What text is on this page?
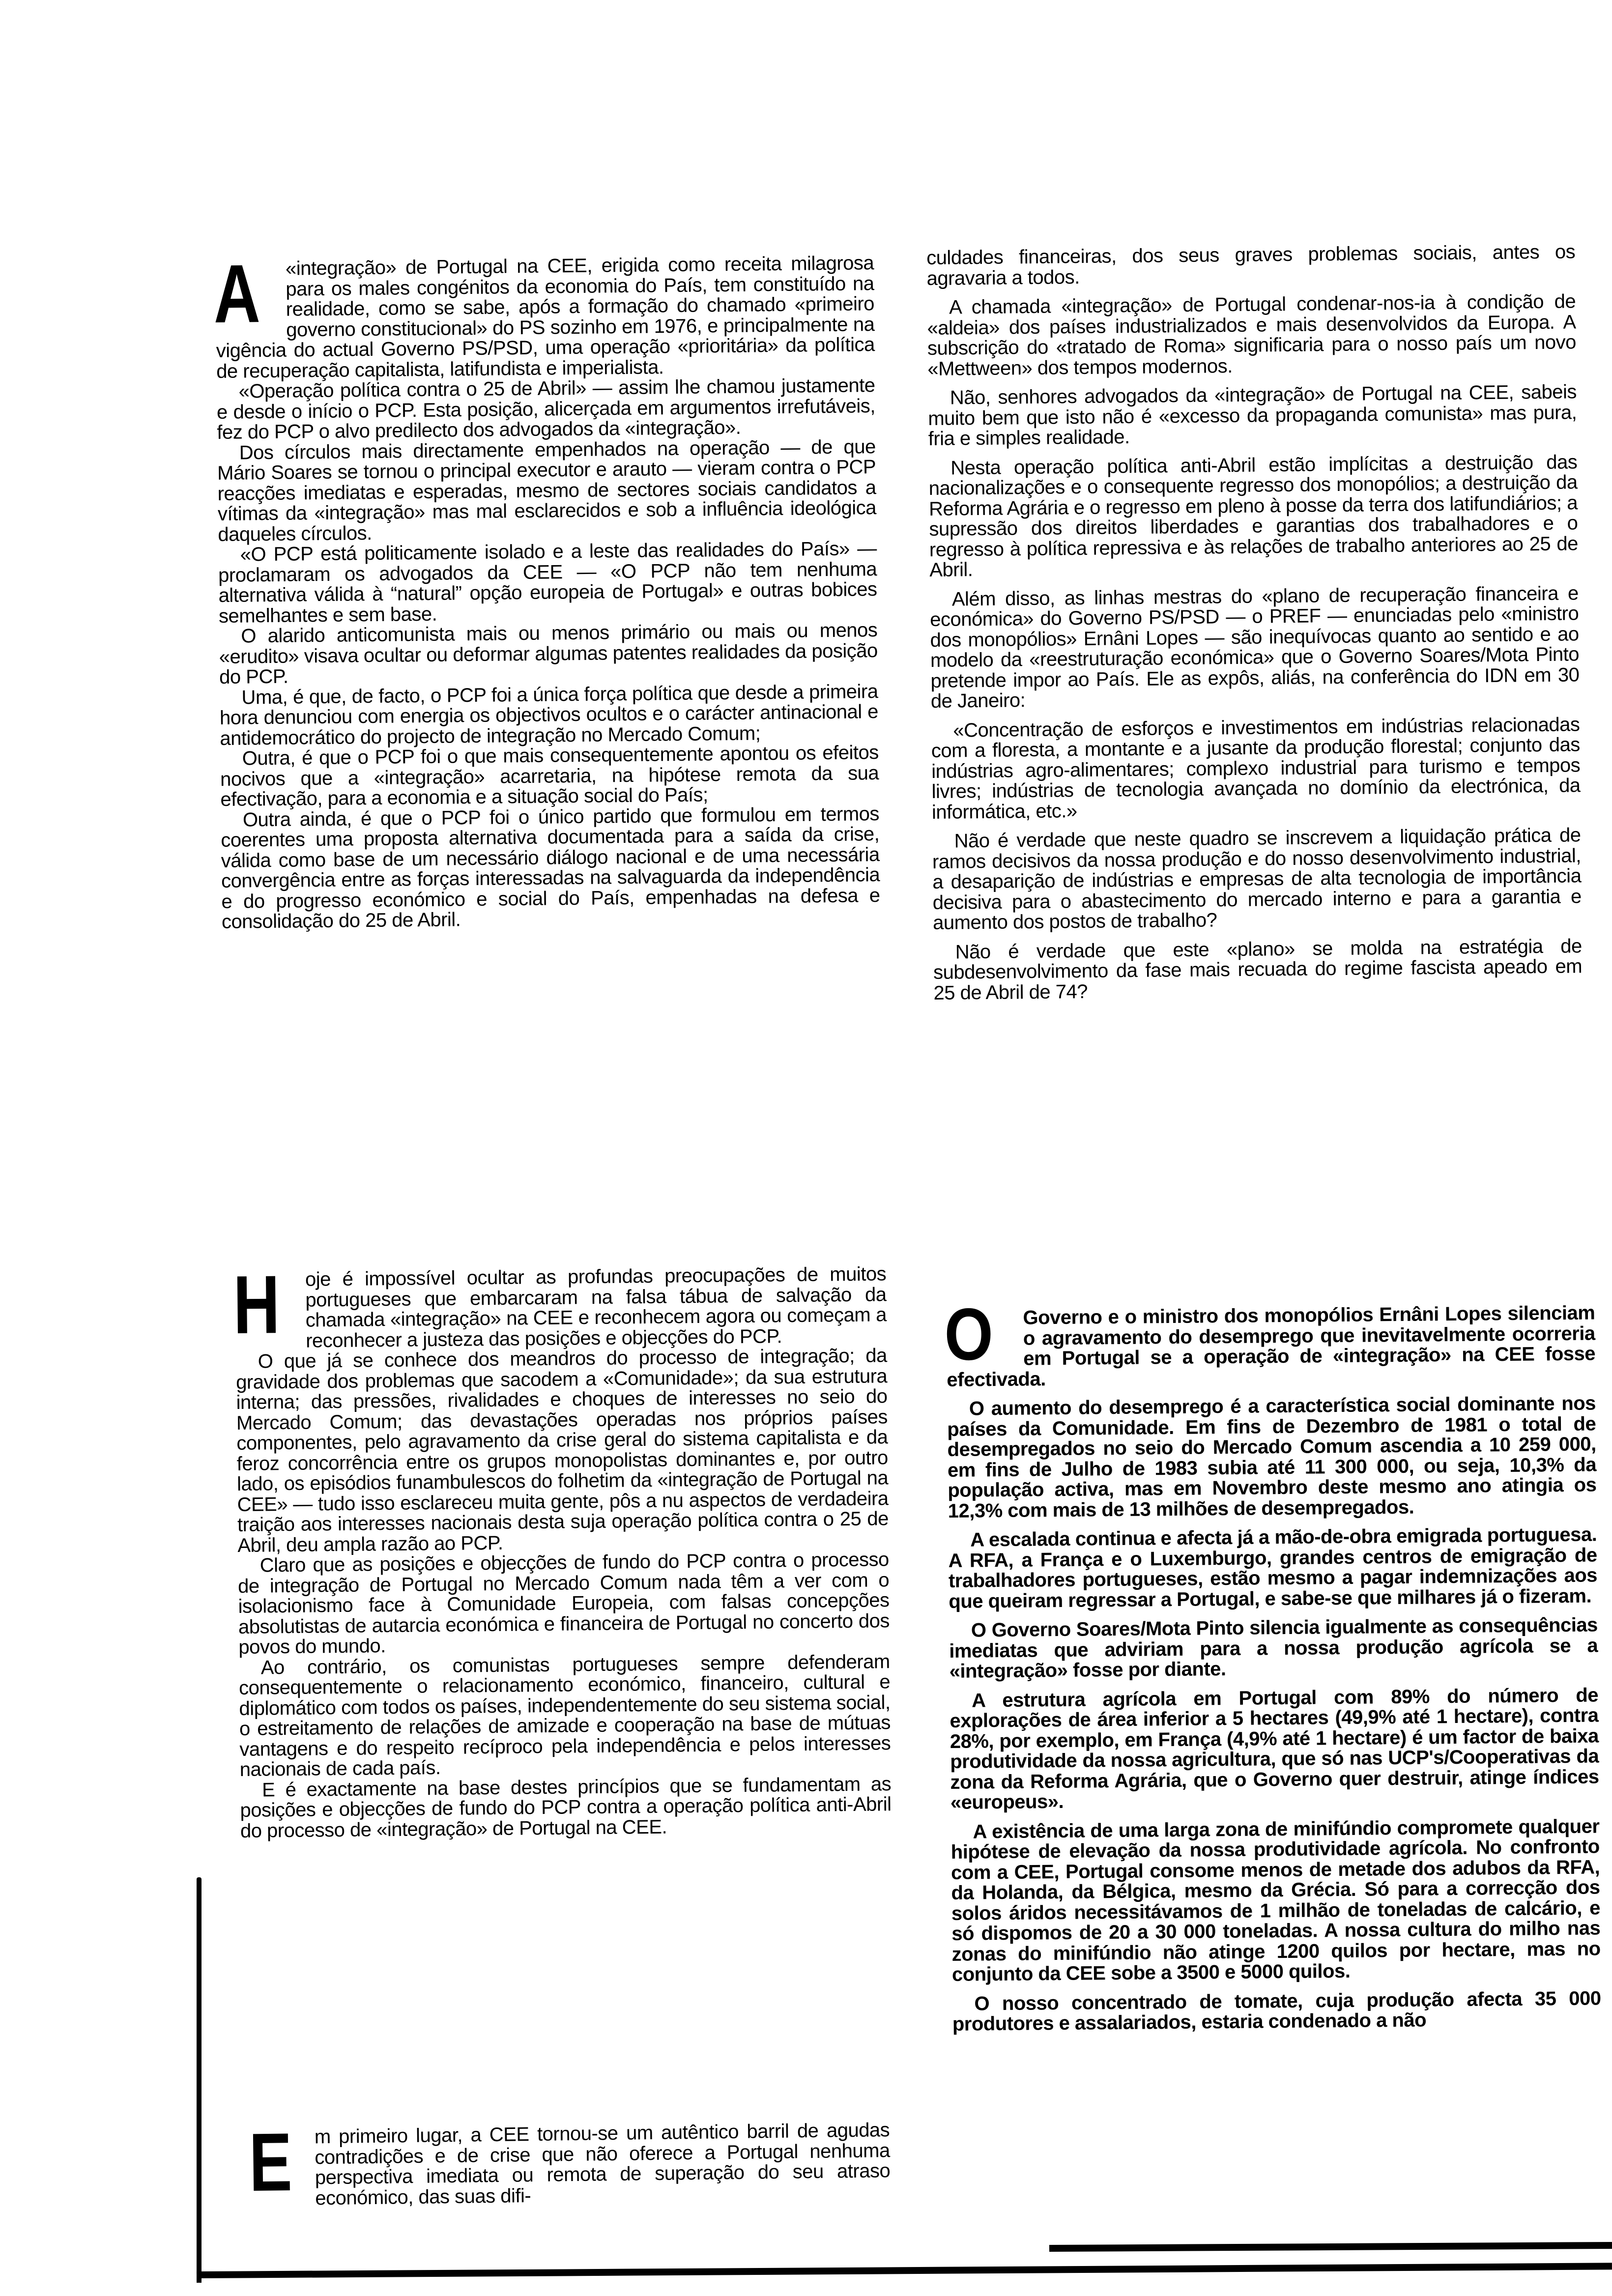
A	«integração» de Portugal na CEE, erigida como receita milagrosa para os males congénitos da economia do País, tem constituído na realidade, como se sabe, após a formação do chamado «primeiro governo constitucional» do PS sozinho em 1976, e principalmente na vigência do actual Governo PS/PSD, uma operação «prioritária» da política de recuperação capitalista, latifundista e imperialista.

«Operação política contra o 25 de Abril» — assim lhe chamou justamente e desde o início o PCP. Esta posição, alicerçada em argumentos irrefutáveis, fez do PCP o alvo predilecto dos advogados da «integração».

Dos círculos mais directamente empenhados na operação — de que Mário Soares se tornou o principal executor e arauto — vieram contra o PCP reacções imediatas e esperadas, mesmo de sectores sociais candidatos a vítimas da «integração» mas mal esclarecidos e sob a influência ideológica daqueles círculos.

«O PCP está politicamente isolado e a leste das realidades do País» — proclamaram os advogados da CEE — «O PCP não tem nenhuma alternativa válida à “natural” opção europeia de Portugal» e outras bobices semelhantes e sem base.

O alarido anticomunista mais ou menos primário ou mais ou menos «erudito» visava ocultar ou deformar algumas patentes realidades da posição do PCP.

Uma, é que, de facto, o PCP foi a única força política que desde a primeira hora denunciou com energia os objectivos ocultos e o carácter antinacional e antidemocrático do projecto de integração no Mercado Comum;

Outra, é que o PCP foi o que mais consequentemente apontou os efeitos nocivos que a «integração» acarretaria, na hipótese remota da sua efectivação, para a economia e a situação social do País;

Outra ainda, é que o PCP foi o único partido que formulou em termos coerentes uma proposta alternativa documentada para a saída da crise, válida como base de um necessário diálogo nacional e de uma necessária convergência entre as forças interessadas na salvaguarda da independência e do progresso económico e social do País, empenhadas na defesa e consolidação do 25 de Abril.

H	oje é impossível ocultar as profundas preocupações de muitos portugueses que embarcaram na falsa tábua de salvação da chamada «integração» na CEE e reconhecem agora ou começam a reconhecer a justeza das posições e objecções do PCP.

O que já se conhece dos meandros do processo de integração; da gravidade dos problemas que sacodem a «Comunidade»; da sua estrutura interna; das pressões, rivalidades e choques de interesses no seio do Mercado Comum; das devastações operadas nos próprios países componentes, pelo agravamento da crise geral do sistema capitalista e da feroz concorrência entre os grupos monopolistas dominantes e, por outro lado, os episódios funambulescos do folhetim da «integração de Portugal na CEE» — tudo isso esclareceu muita gente, pôs a nu aspectos de verdadeira traição aos interesses nacionais desta suja operação política contra o 25 de Abril, deu ampla razão ao PCP.

Claro que as posições e objecções de fundo do PCP contra o processo de integração de Portugal no Mercado Comum nada têm a ver com o isolacionismo face à Comunidade Europeia, com falsas concepções absolutistas de autarcia económica e financeira de Portugal no concerto dos povos do mundo.

Ao contrário, os comunistas portugueses sempre defenderam consequentemente o relacionamento económico, financeiro, cultural e diplomático com todos os países, independentemente do seu sistema social, o estreitamento de relações de amizade e cooperação na base de mútuas vantagens e do respeito recíproco pela independência e pelos interesses nacionais de cada país.

E é exactamente na base destes princípios que se fundamentam as posições e objecções de fundo do PCP contra a operação política anti-Abril do processo de «integração» de Portugal na CEE.

E	m primeiro lugar, a CEE tornou-se um autêntico barril de agudas contradições e de crise que não oferece a Portugal nenhuma perspectiva imediata ou remota de superação do seu atraso económico, das suas difi-

culdades financeiras, dos seus graves problemas sociais, antes os agravaria a todos.

A chamada «integração» de Portugal condenar-nos-ia à condição de «aldeia» dos países industrializados e mais desenvolvidos da Europa. A subscrição do «tratado de Roma» significaria para o nosso país um novo «Mettween» dos tempos modernos.

Não, senhores advogados da «integração» de Portugal na CEE, sabeis muito bem que isto não é «excesso da propaganda comunista» mas pura, fria e simples realidade.

Nesta operação política anti-Abril estão implícitas a destruição das nacionalizações e o consequente regresso dos monopólios; a destruição da Reforma Agrária e o regresso em pleno à posse da terra dos latifundiários; a supressão dos direitos liberdades e garantias dos trabalhadores e o regresso à política repressiva e às relações de trabalho anteriores ao 25 de Abril.

Além disso, as linhas mestras do «plano de recuperação financeira e económica» do Governo PS/PSD — o PREF — enunciadas pelo «ministro dos monopólios» Ernâni Lopes — são inequívocas quanto ao sentido e ao modelo da «reestruturação económica» que o Governo Soares/Mota Pinto pretende impor ao País. Ele as expôs, aliás, na conferência do IDN em 30 de Janeiro:

«Concentração de esforços e investimentos em indústrias relacionadas com a floresta, a montante e a jusante da produção florestal; conjunto das indústrias agro-alimentares; complexo industrial para turismo e tempos livres; indústrias de tecnologia avançada no domínio da electrónica, da informática, etc.»

Não é verdade que neste quadro se inscrevem a liquidação prática de ramos decisivos da nossa produção e do nosso desenvolvimento industrial, a desaparição de indústrias e empresas de alta tecnologia de importância decisiva para o abastecimento do mercado interno e para a garantia e aumento dos postos de trabalho?

Não é verdade que este «plano» se molda na estratégia de subdesenvolvimento da fase mais recuada do regime fascista apeado em 25 de Abril de 74?

O	Governo e o ministro dos monopólios Ernâni Lopes silenciam o agravamento do desemprego que inevitavelmente ocorreria em Portugal se a operação de «integração» na CEE fosse efectivada.

O aumento do desemprego é a característica social dominante nos países da Comunidade. Em fins de Dezembro de 1981 o total de desempregados no seio do Mercado Comum ascendia a 10 259 000, em fins de Julho de 1983 subia até 11 300 000, ou seja, 10,3% da população activa, mas em Novembro deste mesmo ano atingia os 12,3% com mais de 13 milhões de desempregados.

A escalada continua e afecta já a mão-de-obra emigrada portuguesa. A RFA, a França e o Luxemburgo, grandes centros de emigração de trabalhadores portugueses, estão mesmo a pagar indemnizações aos que queiram regressar a Portugal, e sabe-se que milhares já o fizeram.

O Governo Soares/Mota Pinto silencia igualmente as consequências imediatas que adviriam para a nossa produção agrícola se a «integração» fosse por diante.

A estrutura agrícola em Portugal com 89% do número de explorações de área inferior a 5 hectares (49,9% até 1 hectare), contra 28%, por exemplo, em França (4,9% até 1 hectare) é um factor de baixa produtividade da nossa agricultura, que só nas UCP's/Cooperativas da zona da Reforma Agrária, que o Governo quer destruir, atinge índices «europeus».

A existência de uma larga zona de minifúndio compromete qualquer hipótese de elevação da nossa produtividade agrícola. No confronto com a CEE, Portugal consome menos de metade dos adubos da RFA, da Holanda, da Bélgica, mesmo da Grécia. Só para a correcção dos solos áridos necessitávamos de 1 milhão de toneladas de calcário, e só dispomos de 20 a 30 000 toneladas. A nossa cultura do milho nas zonas do minifúndio não atinge 1200 quilos por hectare, mas no conjunto da CEE sobe a 3500 e 5000 quilos.

O nosso concentrado de tomate, cuja produção afecta 35 000 produtores e assalariados, estaria condenado a não
